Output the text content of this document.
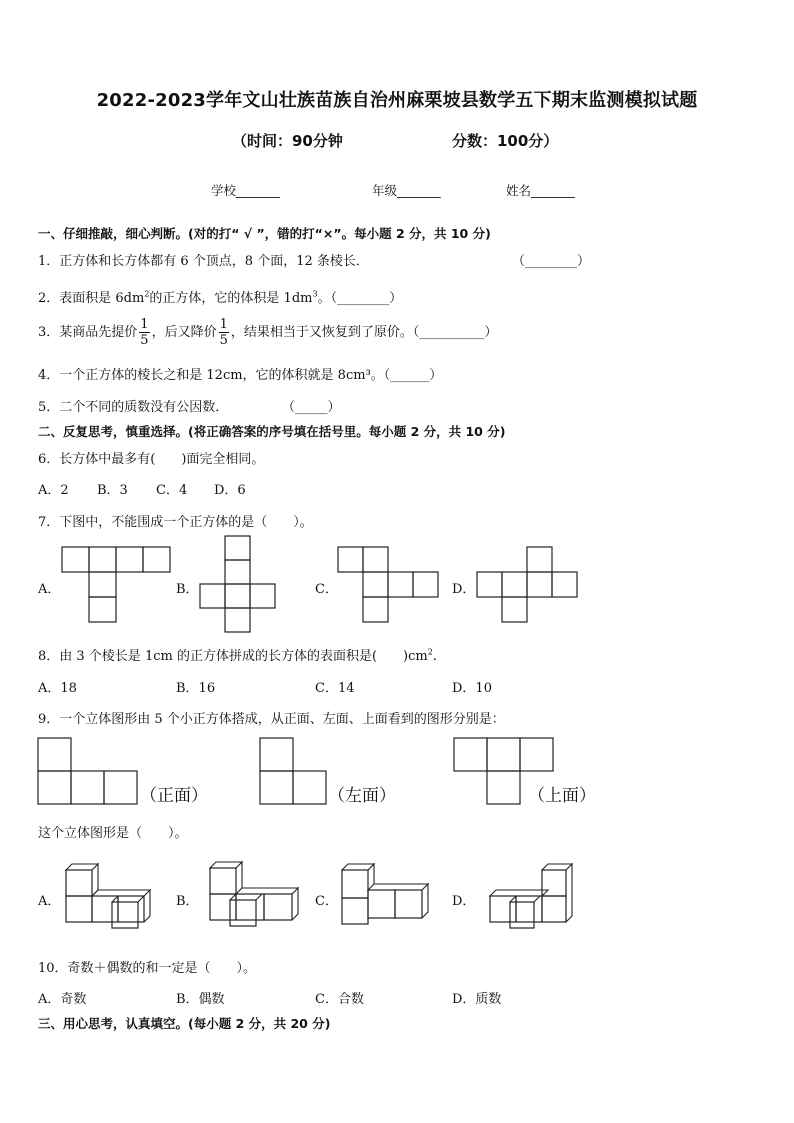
2022-2023学年文山壮族苗族自治州麻栗坡县数学五下期末监测模拟试题
（时间：90分钟	分数：100分）
学校_______	年级_______	姓名_______
一、仔细推敲，细心判断。(对的打“ √ ”，错的打“×”。每小题 2 分，共 10 分)
1．正方体和长方体都有 6 个顶点，8 个面，12 条棱长．	（________）
2．表面积是 $6dm^2$的正方体，它的体积是 $1dm^3$。（________）
3．某商品先提价 $\frac{1}{5}$ ，后又降价 $\frac{1}{5}$ ，结果相当于又恢复到了原价。（__________）
4．一个正方体的棱长之和是 12cm，它的体积就是 8cm³。（______）
5．二个不同的质数没有公因数．	（_____）
二、反复思考，慎重选择。(将正确答案的序号填在括号里。每小题 2 分，共 10 分)
6．长方体中最多有(　　)面完全相同。
A．2 B．3 C．4 D．6
7．下图中，不能围成一个正方体的是（　　）。
A．	B．	C．	D．
8．由 3 个棱长是 1cm 的正方体拼成的长方体的表面积是(　　)$cm^2$.
A．18	B．16	C．14	D．10
9．一个立体图形由 5 个小正方体搭成，从正面、左面、上面看到的图形分别是：
（正面）	（左面）	（上面）
这个立体图形是（　　）。
A．	B．	C．	D．
10．奇数＋偶数的和一定是（　　）。
A．奇数	B．偶数	C．合数	D．质数
三、用心思考，认真填空。(每小题 2 分，共 20 分)
